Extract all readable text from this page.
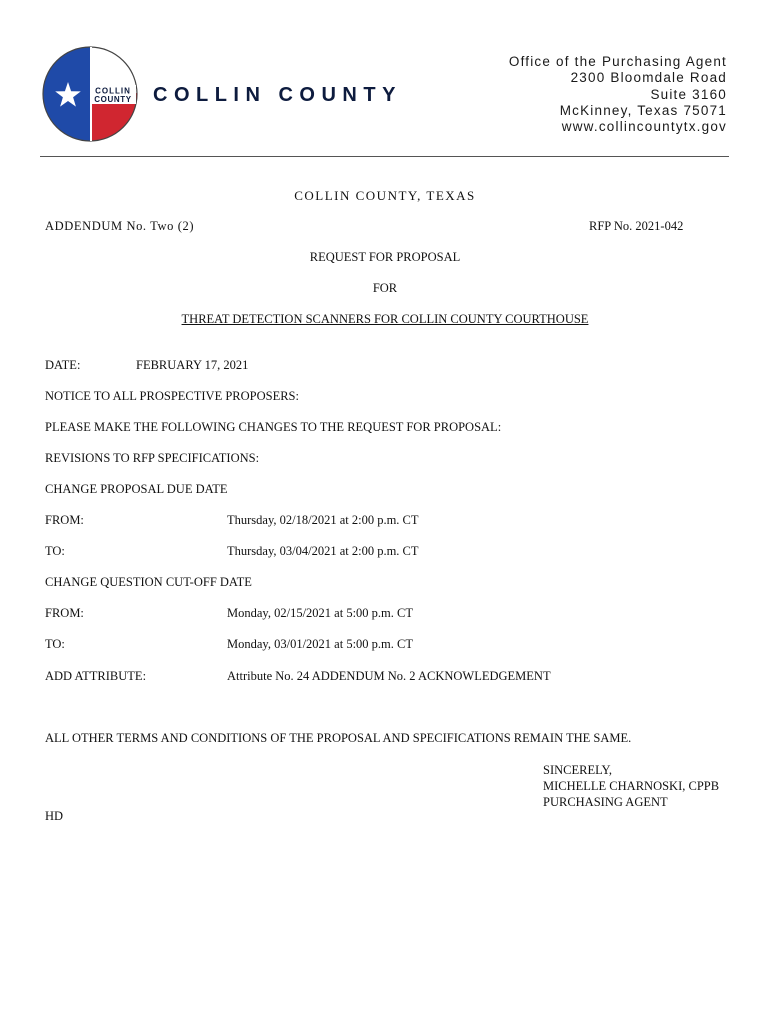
COLLIN
COUNTY COLLIN COUNTY
Office of the Purchasing Agent
2300 Bloomdale Road
Suite 3160
McKinney, Texas 75071
www.collincountytx.gov
COLLIN COUNTY, TEXAS
ADDENDUM No. Two (2)	RFP No. 2021-042
REQUEST FOR PROPOSAL
FOR
THREAT DETECTION SCANNERS FOR COLLIN COUNTY COURTHOUSE
DATE:	FEBRUARY 17, 2021
NOTICE TO ALL PROSPECTIVE PROPOSERS:
PLEASE MAKE THE FOLLOWING CHANGES TO THE REQUEST FOR PROPOSAL:
REVISIONS TO RFP SPECIFICATIONS:
CHANGE PROPOSAL DUE DATE
FROM:	Thursday, 02/18/2021 at 2:00 p.m. CT
TO:	Thursday, 03/04/2021 at 2:00 p.m. CT
CHANGE QUESTION CUT-OFF DATE
FROM:	Monday, 02/15/2021 at 5:00 p.m. CT
TO:	Monday, 03/01/2021 at 5:00 p.m. CT
ADD ATTRIBUTE:	Attribute No. 24 ADDENDUM No. 2 ACKNOWLEDGEMENT
ALL OTHER TERMS AND CONDITIONS OF THE PROPOSAL AND SPECIFICATIONS REMAIN THE SAME.
SINCERELY,
MICHELLE CHARNOSKI, CPPB
PURCHASING AGENT
HD
